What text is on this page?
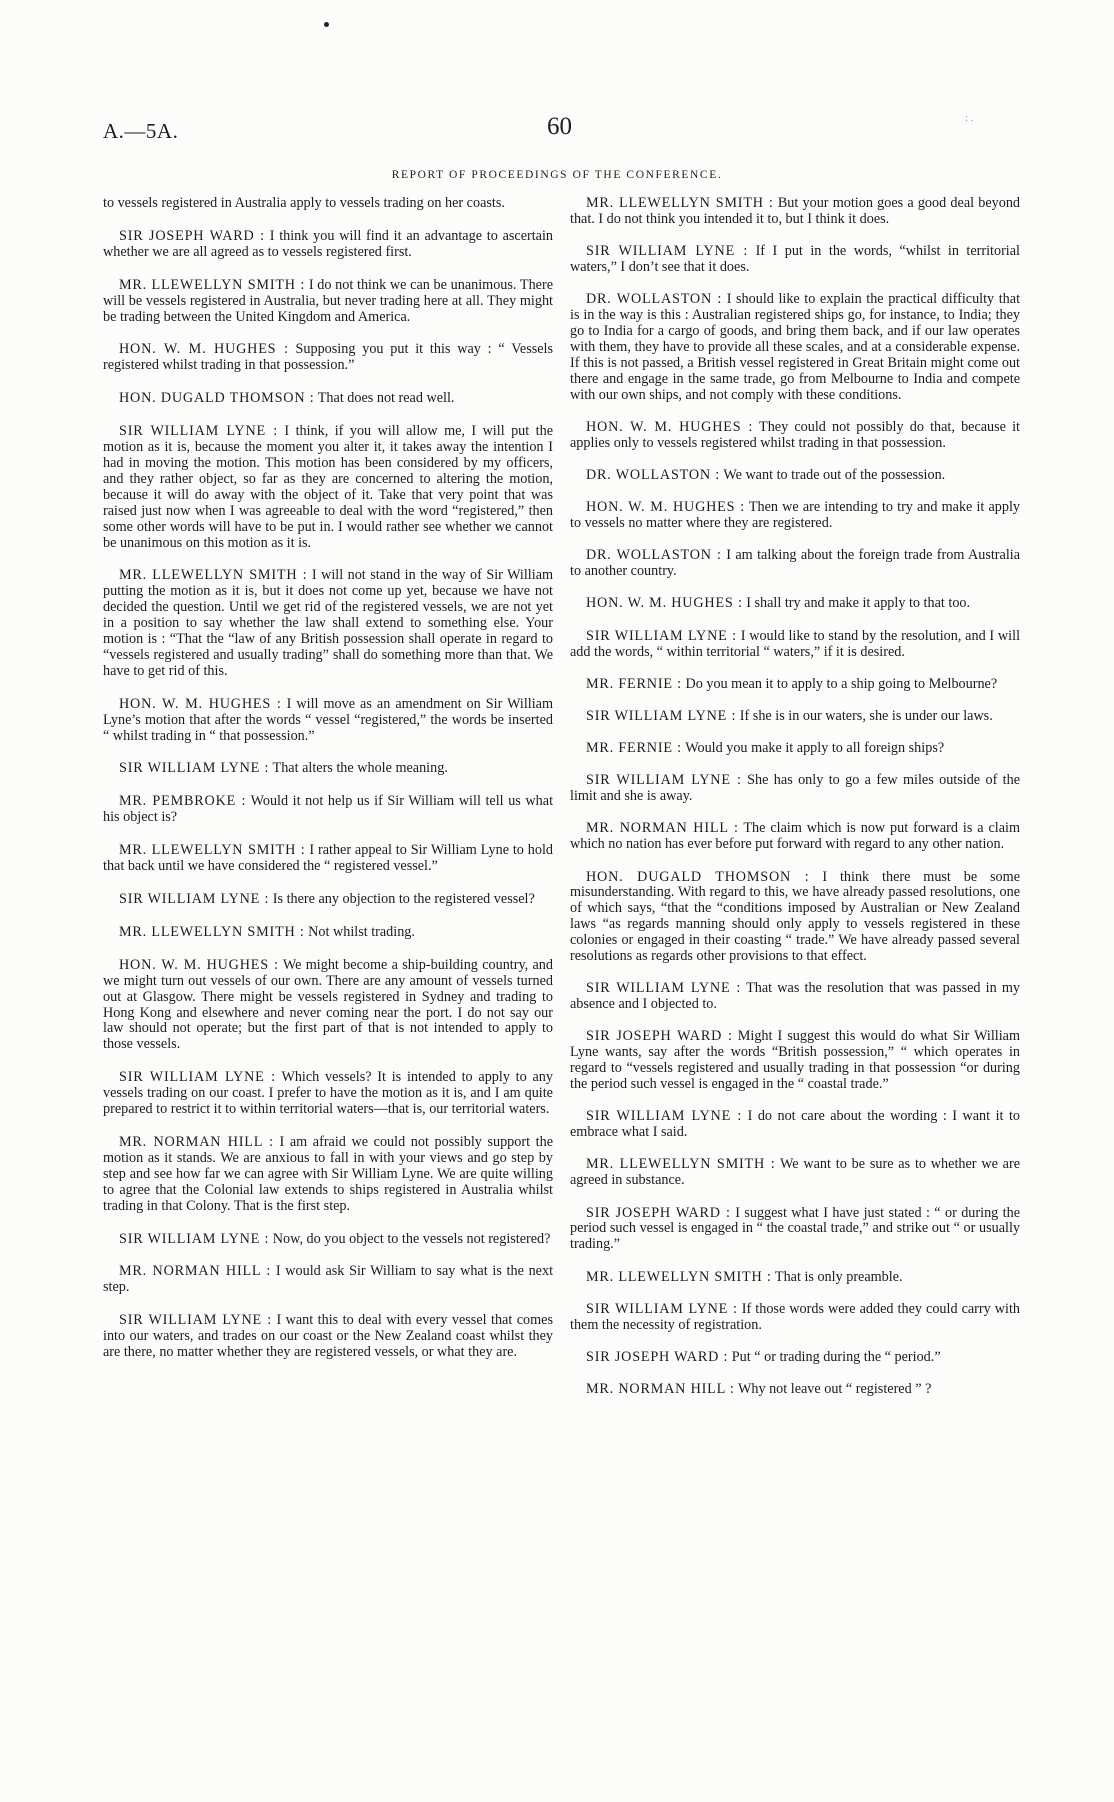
A.—5A.	60	: .
REPORT OF PROCEEDINGS OF THE CONFERENCE.

to vessels registered in Australia apply to vessels trading on her coasts.

SIR JOSEPH WARD : I think you will find it an advantage to ascertain whether we are all agreed as to vessels registered first.

MR. LLEWELLYN SMITH : I do not think we can be unanimous. There will be vessels registered in Australia, but never trading here at all. They might be trading between the United Kingdom and America.

HON. W. M. HUGHES : Supposing you put it this way : “ Vessels registered whilst trading in that possession.”

HON. DUGALD THOMSON : That does not read well.

SIR WILLIAM LYNE : I think, if you will allow me, I will put the motion as it is, because the moment you alter it, it takes away the intention I had in moving the motion. This motion has been considered by my officers, and they rather object, so far as they are concerned to altering the motion, because it will do away with the object of it. Take that very point that was raised just now when I was agreeable to deal with the word “registered,” then some other words will have to be put in. I would rather see whether we cannot be unanimous on this motion as it is.

MR. LLEWELLYN SMITH : I will not stand in the way of Sir William putting the motion as it is, but it does not come up yet, because we have not decided the question. Until we get rid of the registered vessels, we are not yet in a position to say whether the law shall extend to something else. Your motion is : “That the “law of any British possession shall operate in regard to “vessels registered and usually trading” shall do something more than that. We have to get rid of this.

HON. W. M. HUGHES : I will move as an amendment on Sir William Lyne’s motion that after the words “ vessel “registered,” the words be inserted “ whilst trading in “ that possession.”

SIR WILLIAM LYNE : That alters the whole meaning.

MR. PEMBROKE : Would it not help us if Sir William will tell us what his object is?

MR. LLEWELLYN SMITH : I rather appeal to Sir William Lyne to hold that back until we have considered the “ registered vessel.”

SIR WILLIAM LYNE : Is there any objection to the registered vessel?

MR. LLEWELLYN SMITH : Not whilst trading.

HON. W. M. HUGHES : We might become a ship-building country, and we might turn out vessels of our own. There are any amount of vessels turned out at Glasgow. There might be vessels registered in Sydney and trading to Hong Kong and elsewhere and never coming near the port. I do not say our law should not operate; but the first part of that is not intended to apply to those vessels.

SIR WILLIAM LYNE : Which vessels? It is intended to apply to any vessels trading on our coast. I prefer to have the motion as it is, and I am quite prepared to restrict it to within territorial waters—that is, our territorial waters.

MR. NORMAN HILL : I am afraid we could not possibly support the motion as it stands. We are anxious to fall in with your views and go step by step and see how far we can agree with Sir William Lyne. We are quite willing to agree that the Colonial law extends to ships registered in Australia whilst trading in that Colony. That is the first step.

SIR WILLIAM LYNE : Now, do you object to the vessels not registered?

MR. NORMAN HILL : I would ask Sir William to say what is the next step.

SIR WILLIAM LYNE : I want this to deal with every vessel that comes into our waters, and trades on our coast or the New Zealand coast whilst they are there, no matter whether they are registered vessels, or what they are.

MR. LLEWELLYN SMITH : But your motion goes a good deal beyond that. I do not think you intended it to, but I think it does.

SIR WILLIAM LYNE : If I put in the words, “whilst in territorial waters,” I don’t see that it does.

DR. WOLLASTON : I should like to explain the practical difficulty that is in the way is this : Australian registered ships go, for instance, to India; they go to India for a cargo of goods, and bring them back, and if our law operates with them, they have to provide all these scales, and at a considerable expense. If this is not passed, a British vessel registered in Great Britain might come out there and engage in the same trade, go from Melbourne to India and compete with our own ships, and not comply with these conditions.

HON. W. M. HUGHES : They could not possibly do that, because it applies only to vessels registered whilst trading in that possession.

DR. WOLLASTON : We want to trade out of the possession.

HON. W. M. HUGHES : Then we are intending to try and make it apply to vessels no matter where they are registered.

DR. WOLLASTON : I am talking about the foreign trade from Australia to another country.

HON. W. M. HUGHES : I shall try and make it apply to that too.

SIR WILLIAM LYNE : I would like to stand by the resolution, and I will add the words, “ within territorial “ waters,” if it is desired.

MR. FERNIE : Do you mean it to apply to a ship going to Melbourne?

SIR WILLIAM LYNE : If she is in our waters, she is under our laws.

MR. FERNIE : Would you make it apply to all foreign ships?

SIR WILLIAM LYNE : She has only to go a few miles outside of the limit and she is away.

MR. NORMAN HILL : The claim which is now put forward is a claim which no nation has ever before put forward with regard to any other nation.

HON. DUGALD THOMSON : I think there must be some misunderstanding. With regard to this, we have already passed resolutions, one of which says, “that the “conditions imposed by Australian or New Zealand laws “as regards manning should only apply to vessels registered in these colonies or engaged in their coasting “ trade.” We have already passed several resolutions as regards other provisions to that effect.

SIR WILLIAM LYNE : That was the resolution that was passed in my absence and I objected to.

SIR JOSEPH WARD : Might I suggest this would do what Sir William Lyne wants, say after the words “British possession,” “ which operates in regard to “vessels registered and usually trading in that possession “or during the period such vessel is engaged in the “ coastal trade.”

SIR WILLIAM LYNE : I do not care about the wording : I want it to embrace what I said.

MR. LLEWELLYN SMITH : We want to be sure as to whether we are agreed in substance.

SIR JOSEPH WARD : I suggest what I have just stated : “ or during the period such vessel is engaged in “ the coastal trade,” and strike out “ or usually trading.”

MR. LLEWELLYN SMITH : That is only preamble.

SIR WILLIAM LYNE : If those words were added they could carry with them the necessity of registration.

SIR JOSEPH WARD : Put “ or trading during the “ period.”

MR. NORMAN HILL : Why not leave out “ registered ” ?
